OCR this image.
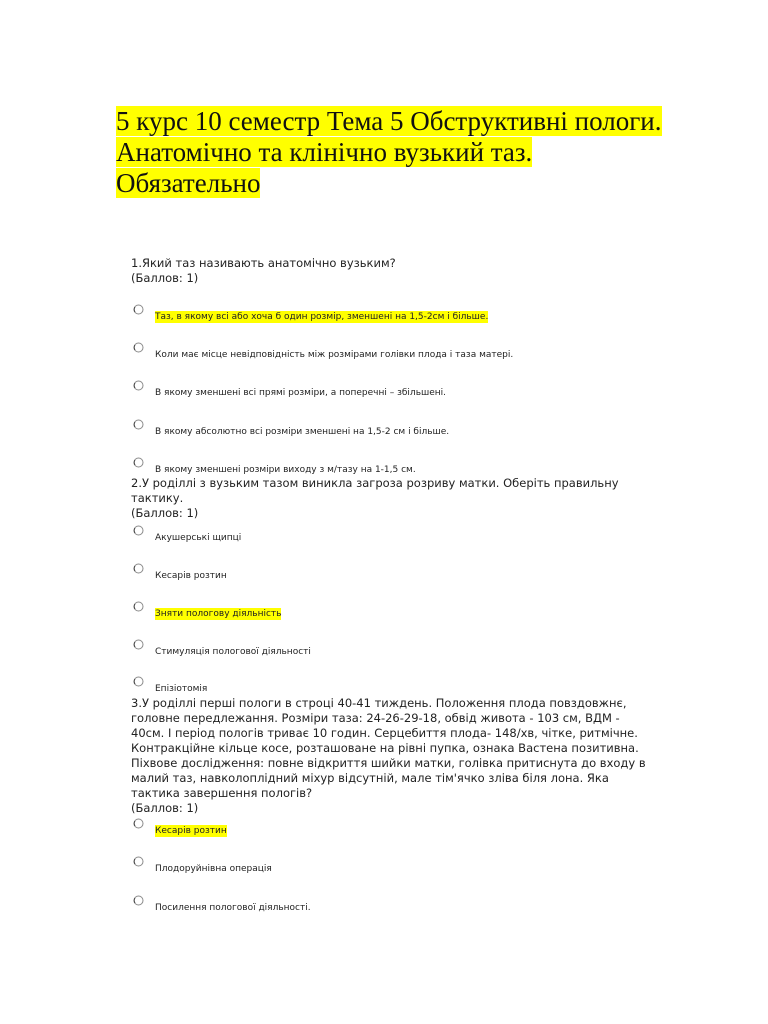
5 курс 10 семестр Тема 5 Обструктивні пологи.
Анатомічно та клінічно вузький таз.
Обязательно
1.Який таз називають анатомічно вузьким?
(Баллов: 1)
Таз, в якому всі або хоча б один розмір, зменшені на 1,5-2см і більше.
Коли має місце невідповідність між розмірами голівки плода і таза матері.
В якому зменшені всі прямі розміри, а поперечні – збільшені.
В якому абсолютно всі розміри зменшені на 1,5-2 см і більше.
В якому зменшені розміри виходу з м/тазу на 1-1,5 см.
2.У роділлі з вузьким тазом виникла загроза розриву матки. Оберіть правильну тактику.
(Баллов: 1)
Акушерські щипці
Кесарів розтин
Зняти пологову діяльність
Стимуляція пологової діяльності
Епізіотомія
3.У роділлі перші пологи в строці 40-41 тиждень. Положення плода повздовжнє, головне передлежання. Розміри таза: 24-26-29-18, обвід живота - 103 см, ВДМ - 40см. I період пологів триває 10 годин. Серцебиття плода- 148/хв, чітке, ритмічне. Контракційне кільце косе, розташоване на рівні пупка, ознака Вастена позитивна. Піхвове дослідження: повне відкриття шийки матки, голівка притиснута до входу в малий таз, навколоплідний міхур відсутній, мале тім'ячко зліва біля лона. Яка тактика завершення пологів?
(Баллов: 1)
Кесарів розтин
Плодоруйнівна операція
Посилення пологової діяльності.
